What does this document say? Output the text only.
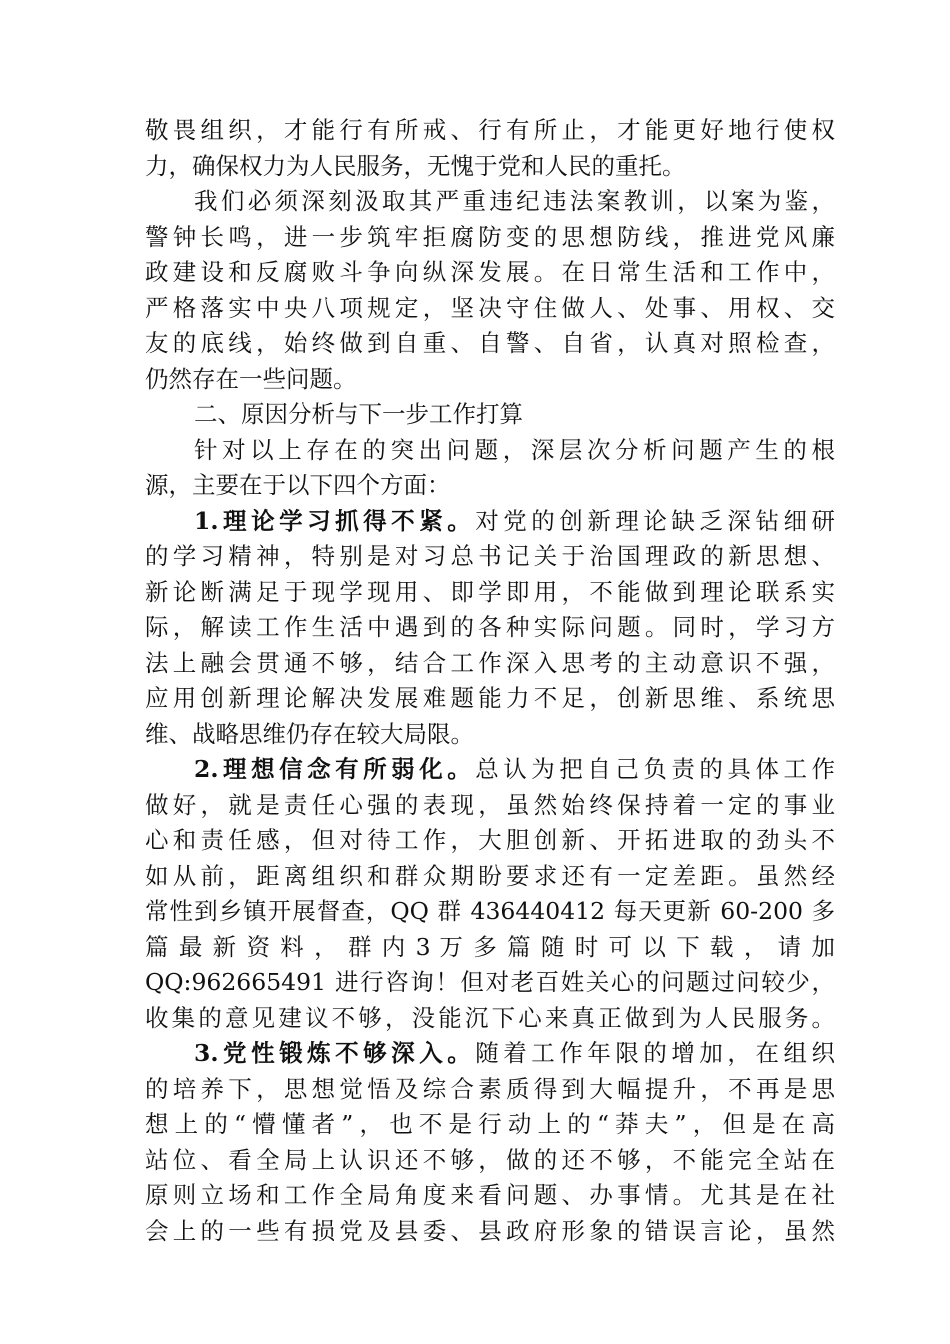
敬畏组织，才能行有所戒、行有所止，才能更好地行使权
力，确保权力为人民服务，无愧于党和人民的重托。
我们必须深刻汲取其严重违纪违法案教训，以案为鉴，
警钟长鸣，进一步筑牢拒腐防变的思想防线，推进党风廉
政建设和反腐败斗争向纵深发展。在日常生活和工作中，
严格落实中央八项规定，坚决守住做人、处事、用权、交
友的底线，始终做到自重、自警、自省，认真对照检查，
仍然存在一些问题。
二、原因分析与下一步工作打算
针对以上存在的突出问题，深层次分析问题产生的根
源，主要在于以下四个方面：
1.理论学习抓得不紧。对党的创新理论缺乏深钻细研
的学习精神，特别是对习总书记关于治国理政的新思想、
新论断满足于现学现用、即学即用，不能做到理论联系实
际，解读工作生活中遇到的各种实际问题。同时，学习方
法上融会贯通不够，结合工作深入思考的主动意识不强，
应用创新理论解决发展难题能力不足，创新思维、系统思
维、战略思维仍存在较大局限。
2.理想信念有所弱化。总认为把自己负责的具体工作
做好，就是责任心强的表现，虽然始终保持着一定的事业
心和责任感，但对待工作，大胆创新、开拓进取的劲头不
如从前，距离组织和群众期盼要求还有一定差距。虽然经
常性到乡镇开展督查，QQ 群 436440412 每天更新 60-200 多
篇 最 新 资 料 ， 群 内 3 万 多 篇 随 时 可 以 下 载 ， 请 加
QQ:962665491 进行咨询！但对老百姓关心的问题过问较少，
收集的意见建议不够，没能沉下心来真正做到为人民服务。
3.党性锻炼不够深入。随着工作年限的增加，在组织
的培养下，思想觉悟及综合素质得到大幅提升，不再是思
想上的“懵懂者”，也不是行动上的“莽夫”，但是在高
站位、看全局上认识还不够，做的还不够，不能完全站在
原则立场和工作全局角度来看问题、办事情。尤其是在社
会上的一些有损党及县委、县政府形象的错误言论，虽然
